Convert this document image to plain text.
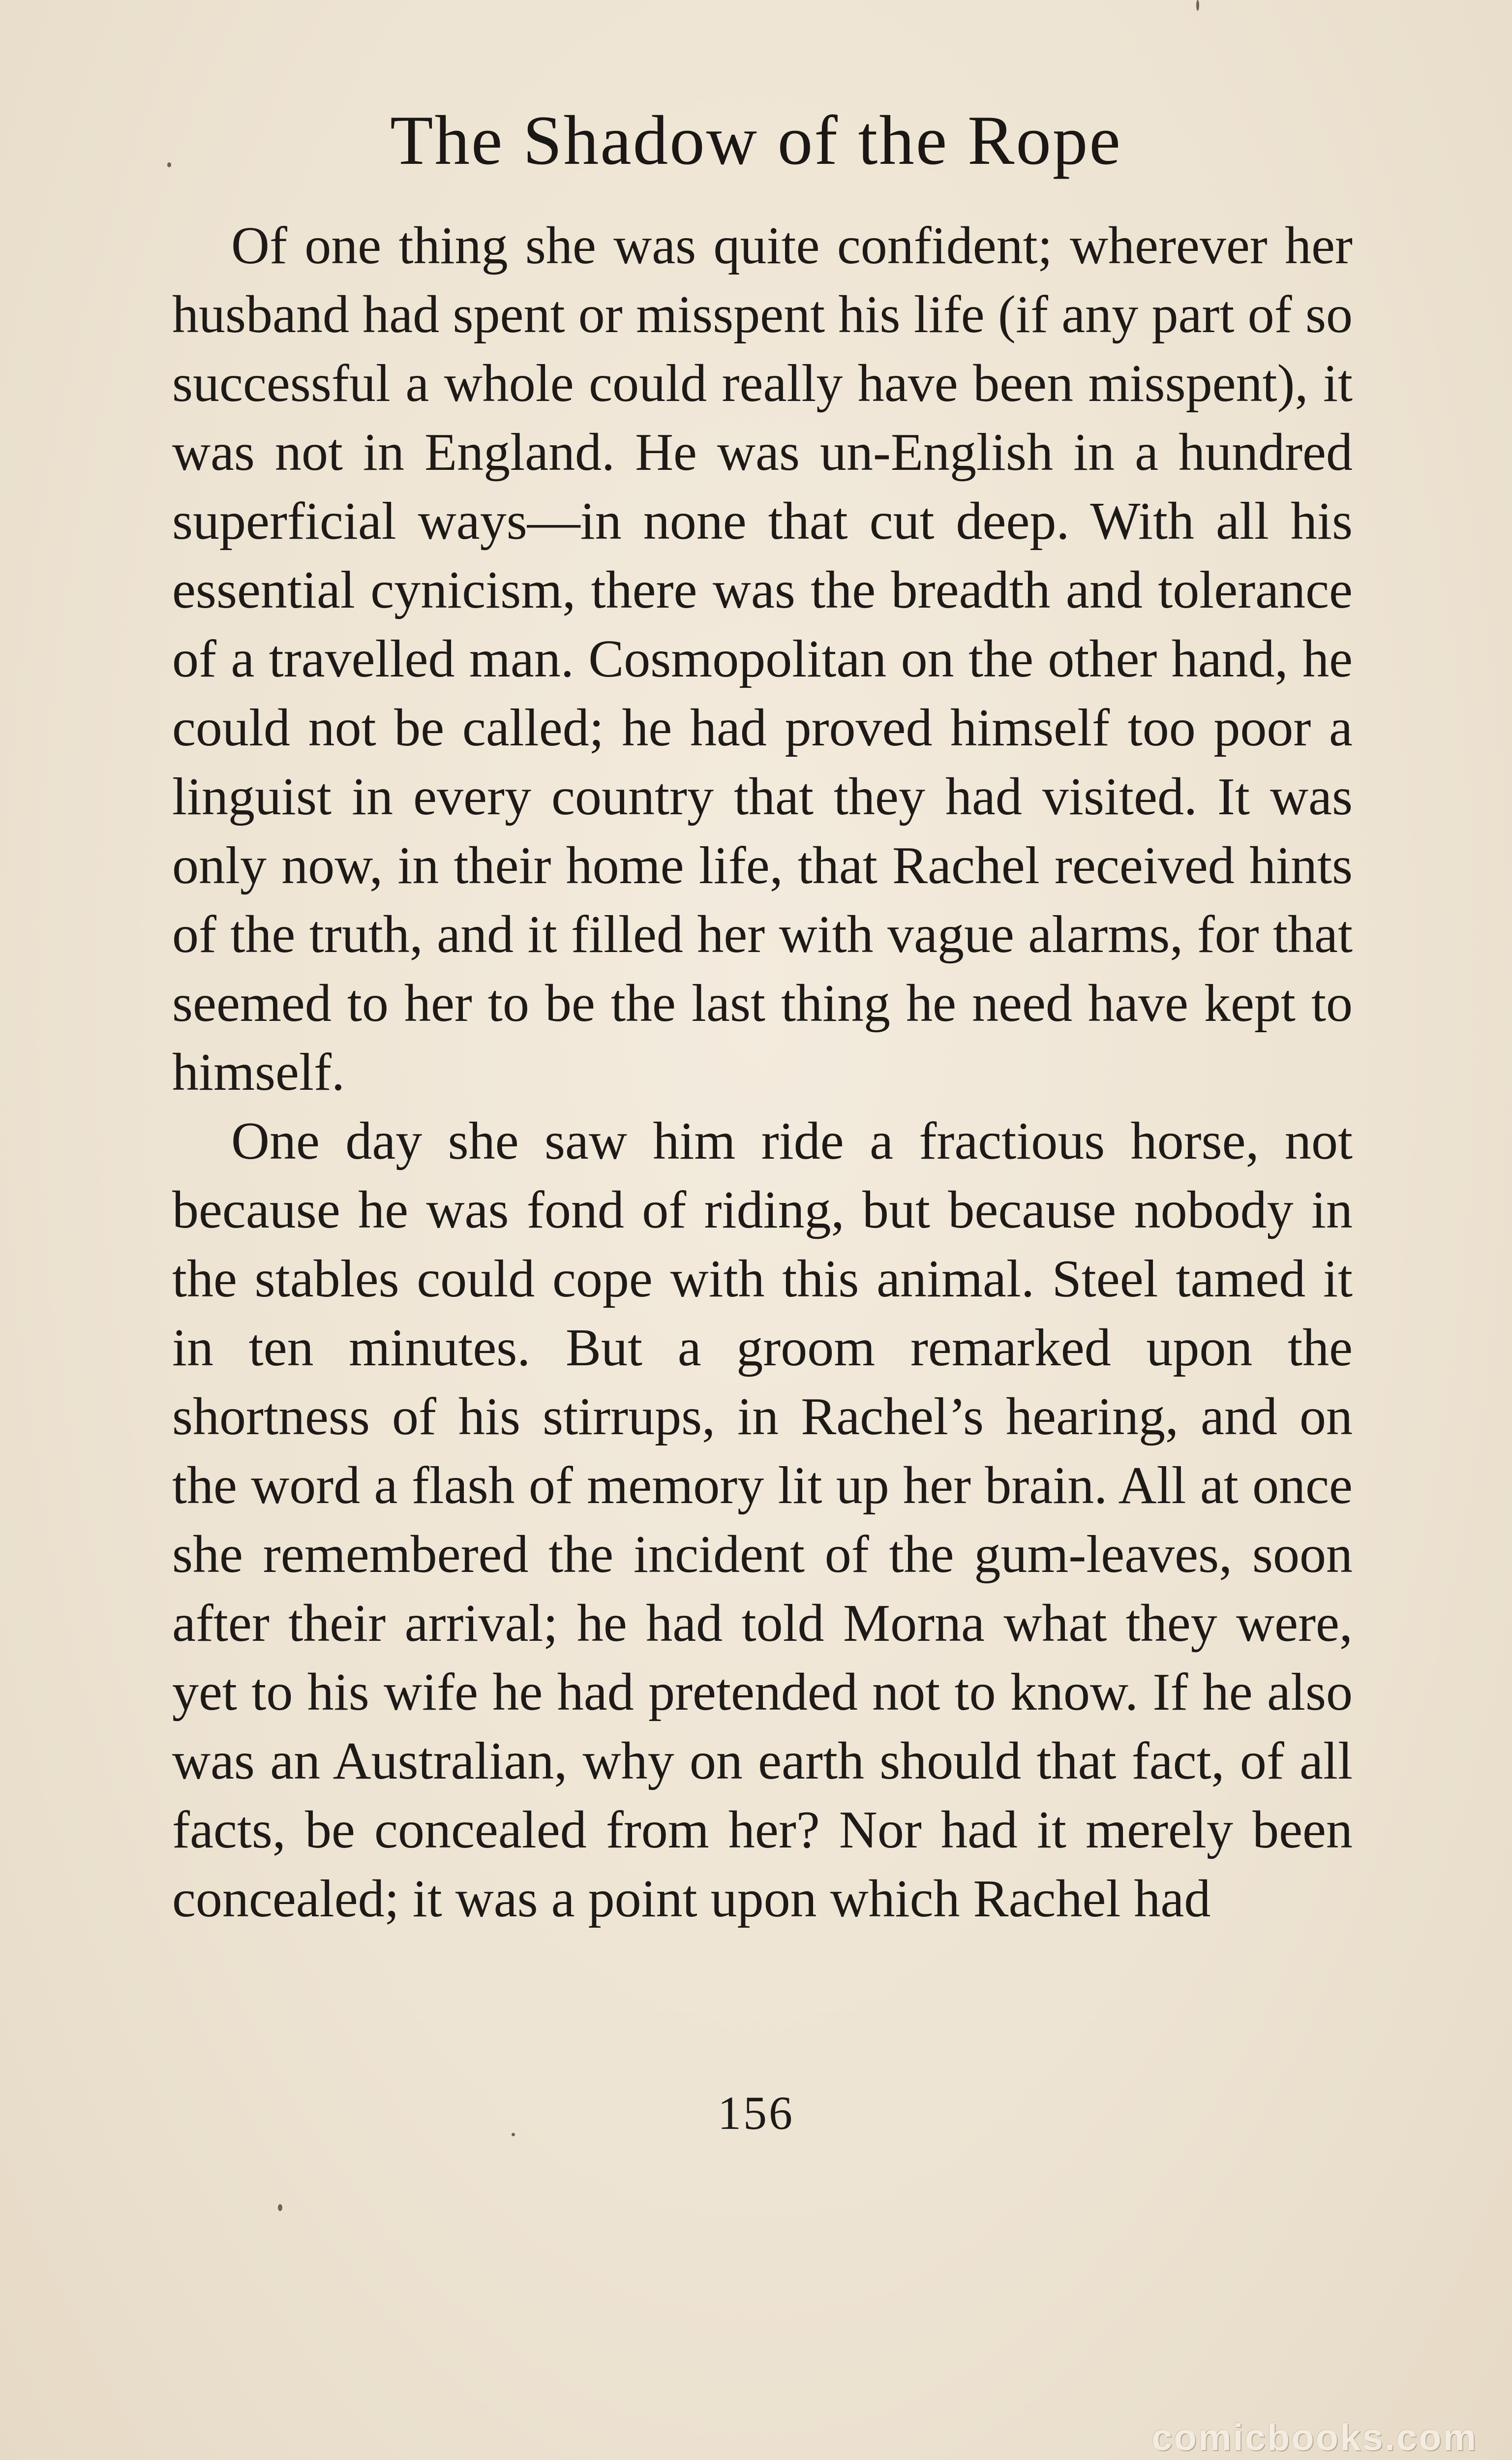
The Shadow of the Rope

Of one thing she was quite confident; wherever her husband had spent or misspent his life (if any part of so successful a whole could really have been misspent), it was not in England. He was un-English in a hundred superficial ways—in none that cut deep. With all his essential cynicism, there was the breadth and tolerance of a travelled man. Cosmopolitan on the other hand, he could not be called; he had proved himself too poor a linguist in every country that they had visited. It was only now, in their home life, that Rachel received hints of the truth, and it filled her with vague alarms, for that seemed to her to be the last thing he need have kept to himself.

One day she saw him ride a fractious horse, not because he was fond of riding, but because nobody in the stables could cope with this animal. Steel tamed it in ten minutes. But a groom remarked upon the shortness of his stirrups, in Rachel’s hearing, and on the word a flash of memory lit up her brain. All at once she remembered the incident of the gum-leaves, soon after their arrival; he had told Morna what they were, yet to his wife he had pretended not to know. If he also was an Australian, why on earth should that fact, of all facts, be concealed from her? Nor had it merely been concealed; it was a point upon which Rachel had

156
comicbooks.com
